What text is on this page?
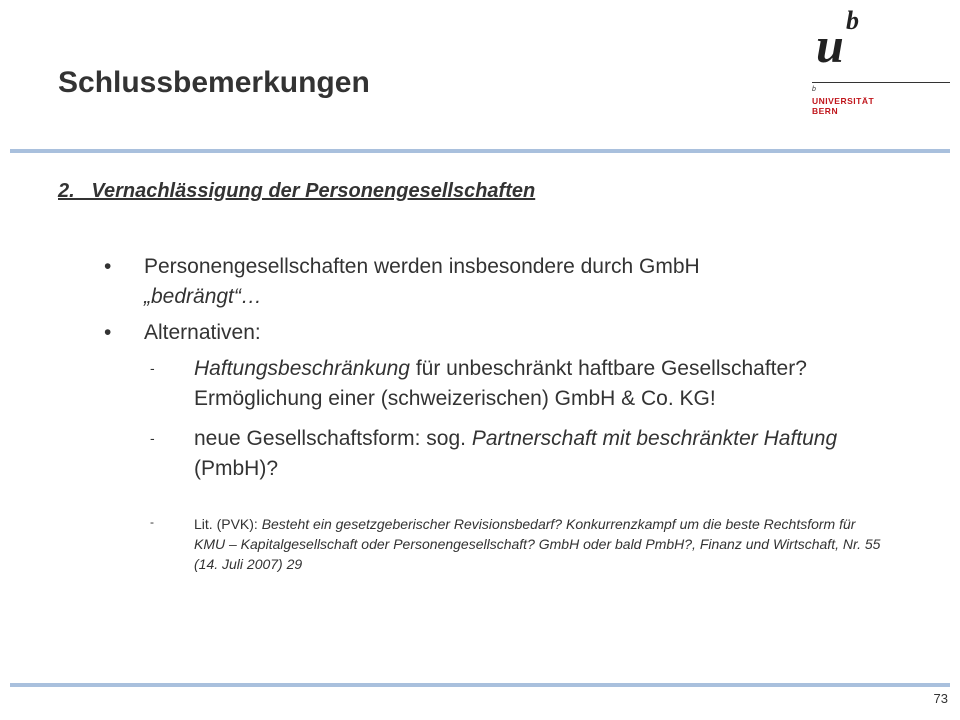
Schlussbemerkungen
u b
b
UNIVERSITÄT
BERN
2.   Vernachlässigung der Personengesellschaften
• Personengesellschaften werden insbesondere durch GmbH
„bedrängt“…
• Alternativen:
- Haftungsbeschränkung für unbeschränkt haftbare Gesellschafter? Ermöglichung einer (schweizerischen) GmbH & Co. KG!
- neue Gesellschaftsform: sog. Partnerschaft mit beschränkter Haftung (PmbH)?
-	Lit. (PVK): Besteht ein gesetzgeberischer Revisionsbedarf? Konkurrenzkampf um die beste Rechtsform für KMU – Kapitalgesellschaft oder Personengesellschaft? GmbH oder bald PmbH?, Finanz und Wirtschaft, Nr. 55 (14. Juli 2007) 29
73
